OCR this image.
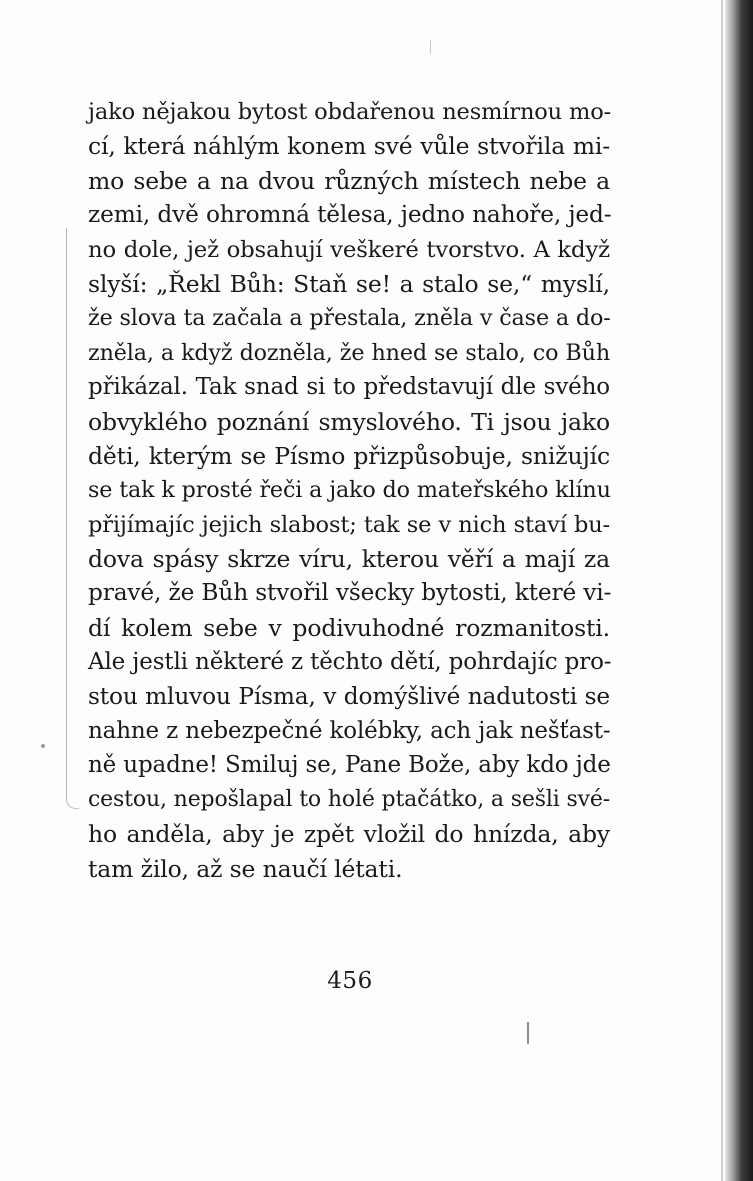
jako nějakou bytost obdařenou nesmírnou mo-
cí, která náhlým konem své vůle stvořila mi-
mo sebe a na dvou různých místech nebe a
zemi, dvě ohromná tělesa, jedno nahoře, jed-
no dole, jež obsahují veškeré tvorstvo. A když
slyší: „Řekl Bůh: Staň se! a stalo se,“ myslí,
že slova ta začala a přestala, zněla v čase a do-
zněla, a když dozněla, že hned se stalo, co Bůh
přikázal. Tak snad si to představují dle svého
obvyklého poznání smyslového. Ti jsou jako
děti, kterým se Písmo přizpůsobuje, snižujíc
se tak k prosté řeči a jako do mateřského klínu
přijímajíc jejich slabost; tak se v nich staví bu-
dova spásy skrze víru, kterou věří a mají za
pravé, že Bůh stvořil všecky bytosti, které vi-
dí kolem sebe v podivuhodné rozmanitosti.
Ale jestli některé z těchto dětí, pohrdajíc pro-
stou mluvou Písma, v domýšlivé nadutosti se
nahne z nebezpečné kolébky, ach jak nešťast-
ně upadne! Smiluj se, Pane Bože, aby kdo jde
cestou, nepošlapal to holé ptačátko, a sešli své-
ho anděla, aby je zpět vložil do hnízda, aby
tam žilo, až se naučí létati.
456
